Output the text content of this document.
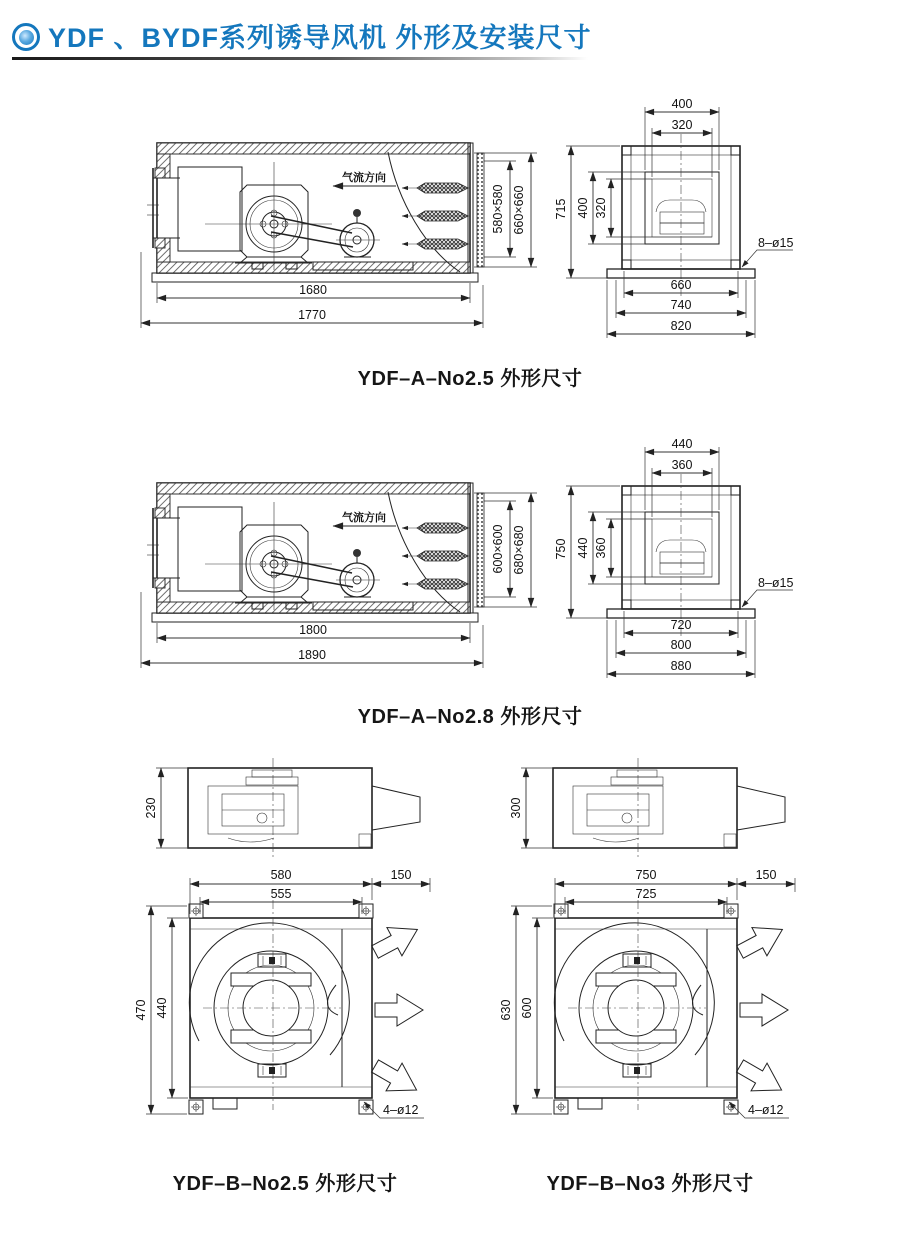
YDF 、BYDF系列诱导风机 外形及安装尺寸
气流方向
580×580 660×660
1680
1770
400
320
715 400 320
660
740
820
8–ø15
YDF–A–No2.5 外形尺寸
气流方向
600×600 680×680
1800
1890
440
360
750 440 360
720
800
880
8–ø15
YDF–A–No2.8 外形尺寸
230
580
555
150
470 440
4–ø12
YDF–B–No2.5 外形尺寸
300
750
725
150
630 600
4–ø12
YDF–B–No3 外形尺寸
